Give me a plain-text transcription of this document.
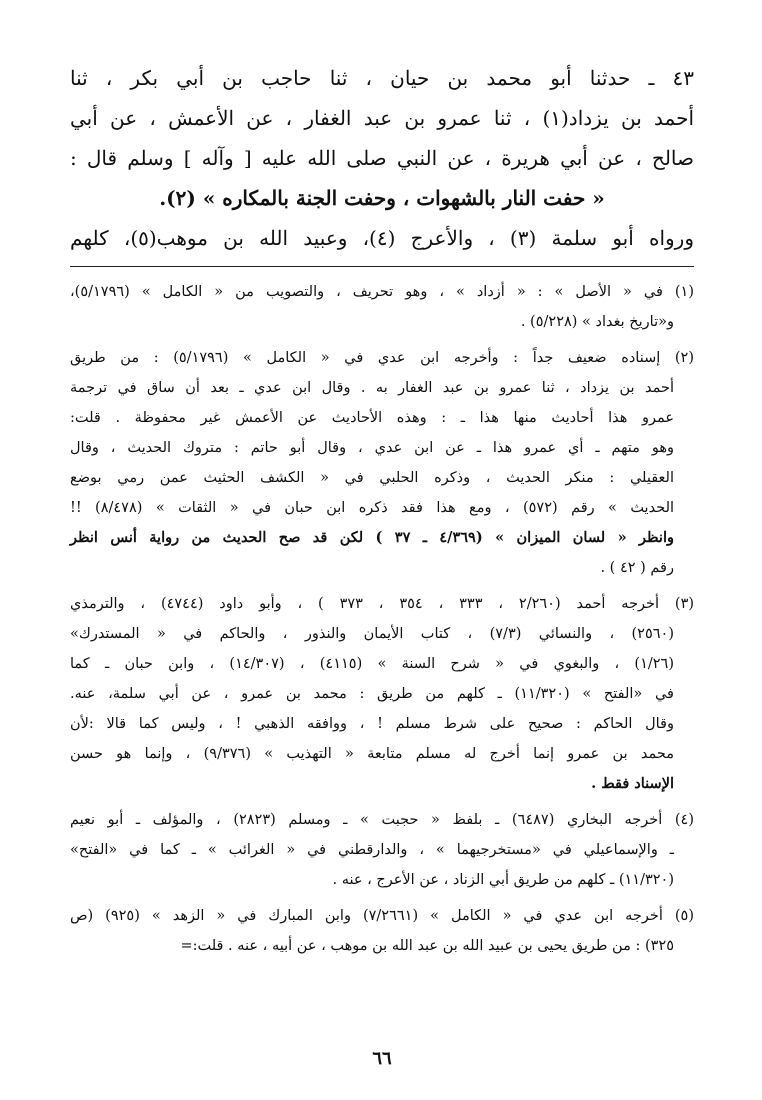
٤٣ ـ حدثنا أبو محمد بن حيان ، ثنا حاجب بن أبي بكر ، ثنا
أحمد بن يزداد(١) ، ثنا عمرو بن عبد الغفار ، عن الأعمش ، عن أبي
صالح ، عن أبي هريرة ، عن النبي صلى الله عليه [ وآله ] وسلم قال :
« حفت النار بالشهوات ، وحفت الجنة بالمكاره » (٢).
ورواه أبو سلمة (٣) ، والأعرج (٤)، وعبيد الله بن موهب(٥)، كلهم
(١) في « الأصل » : « أزداد » ، وهو تحريف ، والتصويب من « الكامل » (٥/١٧٩٦)،
و«تاريخ بغداد » (٥/٢٢٨) .
(٢) إسناده ضعيف جداً : وأخرجه ابن عدي في « الكامل » (٥/١٧٩٦) : من طريق
أحمد بن يزداد ، ثنا عمرو بن عبد الغفار به . وقال ابن عدي ـ بعد أن ساق في ترجمة
عمرو هذا أحاديث منها هذا ـ : وهذه الأحاديث عن الأعمش غير محفوظة . قلت:
وهو متهم ـ أي عمرو هذا ـ عن ابن عدي ، وقال أبو حاتم : متروك الحديث ، وقال
العقيلي : منكر الحديث ، وذكره الحلبي في « الكشف الحثيث عمن رمي بوضع
الحديث » رقم (٥٧٢) ، ومع هذا فقد ذكره ابن حبان في « الثقات » (٨/٤٧٨) !!
وانظر « لسان الميزان » (٤/٣٦٩ ـ ٣٧ ) لكن قد صح الحديث من رواية أنس انظر
رقم ( ٤٢ ) .
(٣) أخرجه أحمد (٢/٢٦٠ ، ٣٣٣ ، ٣٥٤ ، ٣٧٣ ) ، وأبو داود (٤٧٤٤) ، والترمذي
(٢٥٦٠) ، والنسائي (٧/٣) ، كتاب الأيمان والنذور ، والحاكم في « المستدرك»
(١/٢٦) ، والبغوي في « شرح السنة » (٤١١٥) ، (١٤/٣٠٧) ، وابن حبان ـ كما
في «الفتح » (١١/٣٢٠) ـ كلهم من طريق : محمد بن عمرو ، عن أبي سلمة، عنه.
وقال الحاكم : صحيح على شرط مسلم ! ، ووافقه الذهبي ! ، وليس كما قالا :لأن
محمد بن عمرو إنما أخرج له مسلم متابعة « التهذيب » (٩/٣٧٦) ، وإنما هو حسن
الإسناد فقط .
(٤) أخرجه البخاري (٦٤٨٧) ـ بلفظ « حجبت » ـ ومسلم (٢٨٢٣) ، والمؤلف ـ أبو نعيم
ـ والإسماعيلي في «مستخرجيهما » ، والدارقطني في « الغرائب » ـ كما في «الفتح»
(١١/٣٢٠) ـ كلهم من طريق أبي الزناد ، عن الأعرج ، عنه .
(٥) أخرجه ابن عدي في « الكامل » (٧/٢٦٦١) وابن المبارك في « الزهد » (٩٢٥) (ص
٣٢٥) : من طريق يحيى بن عبيد الله بن عبد الله بن موهب ، عن أبيه ، عنه . قلت:=
٦٦
